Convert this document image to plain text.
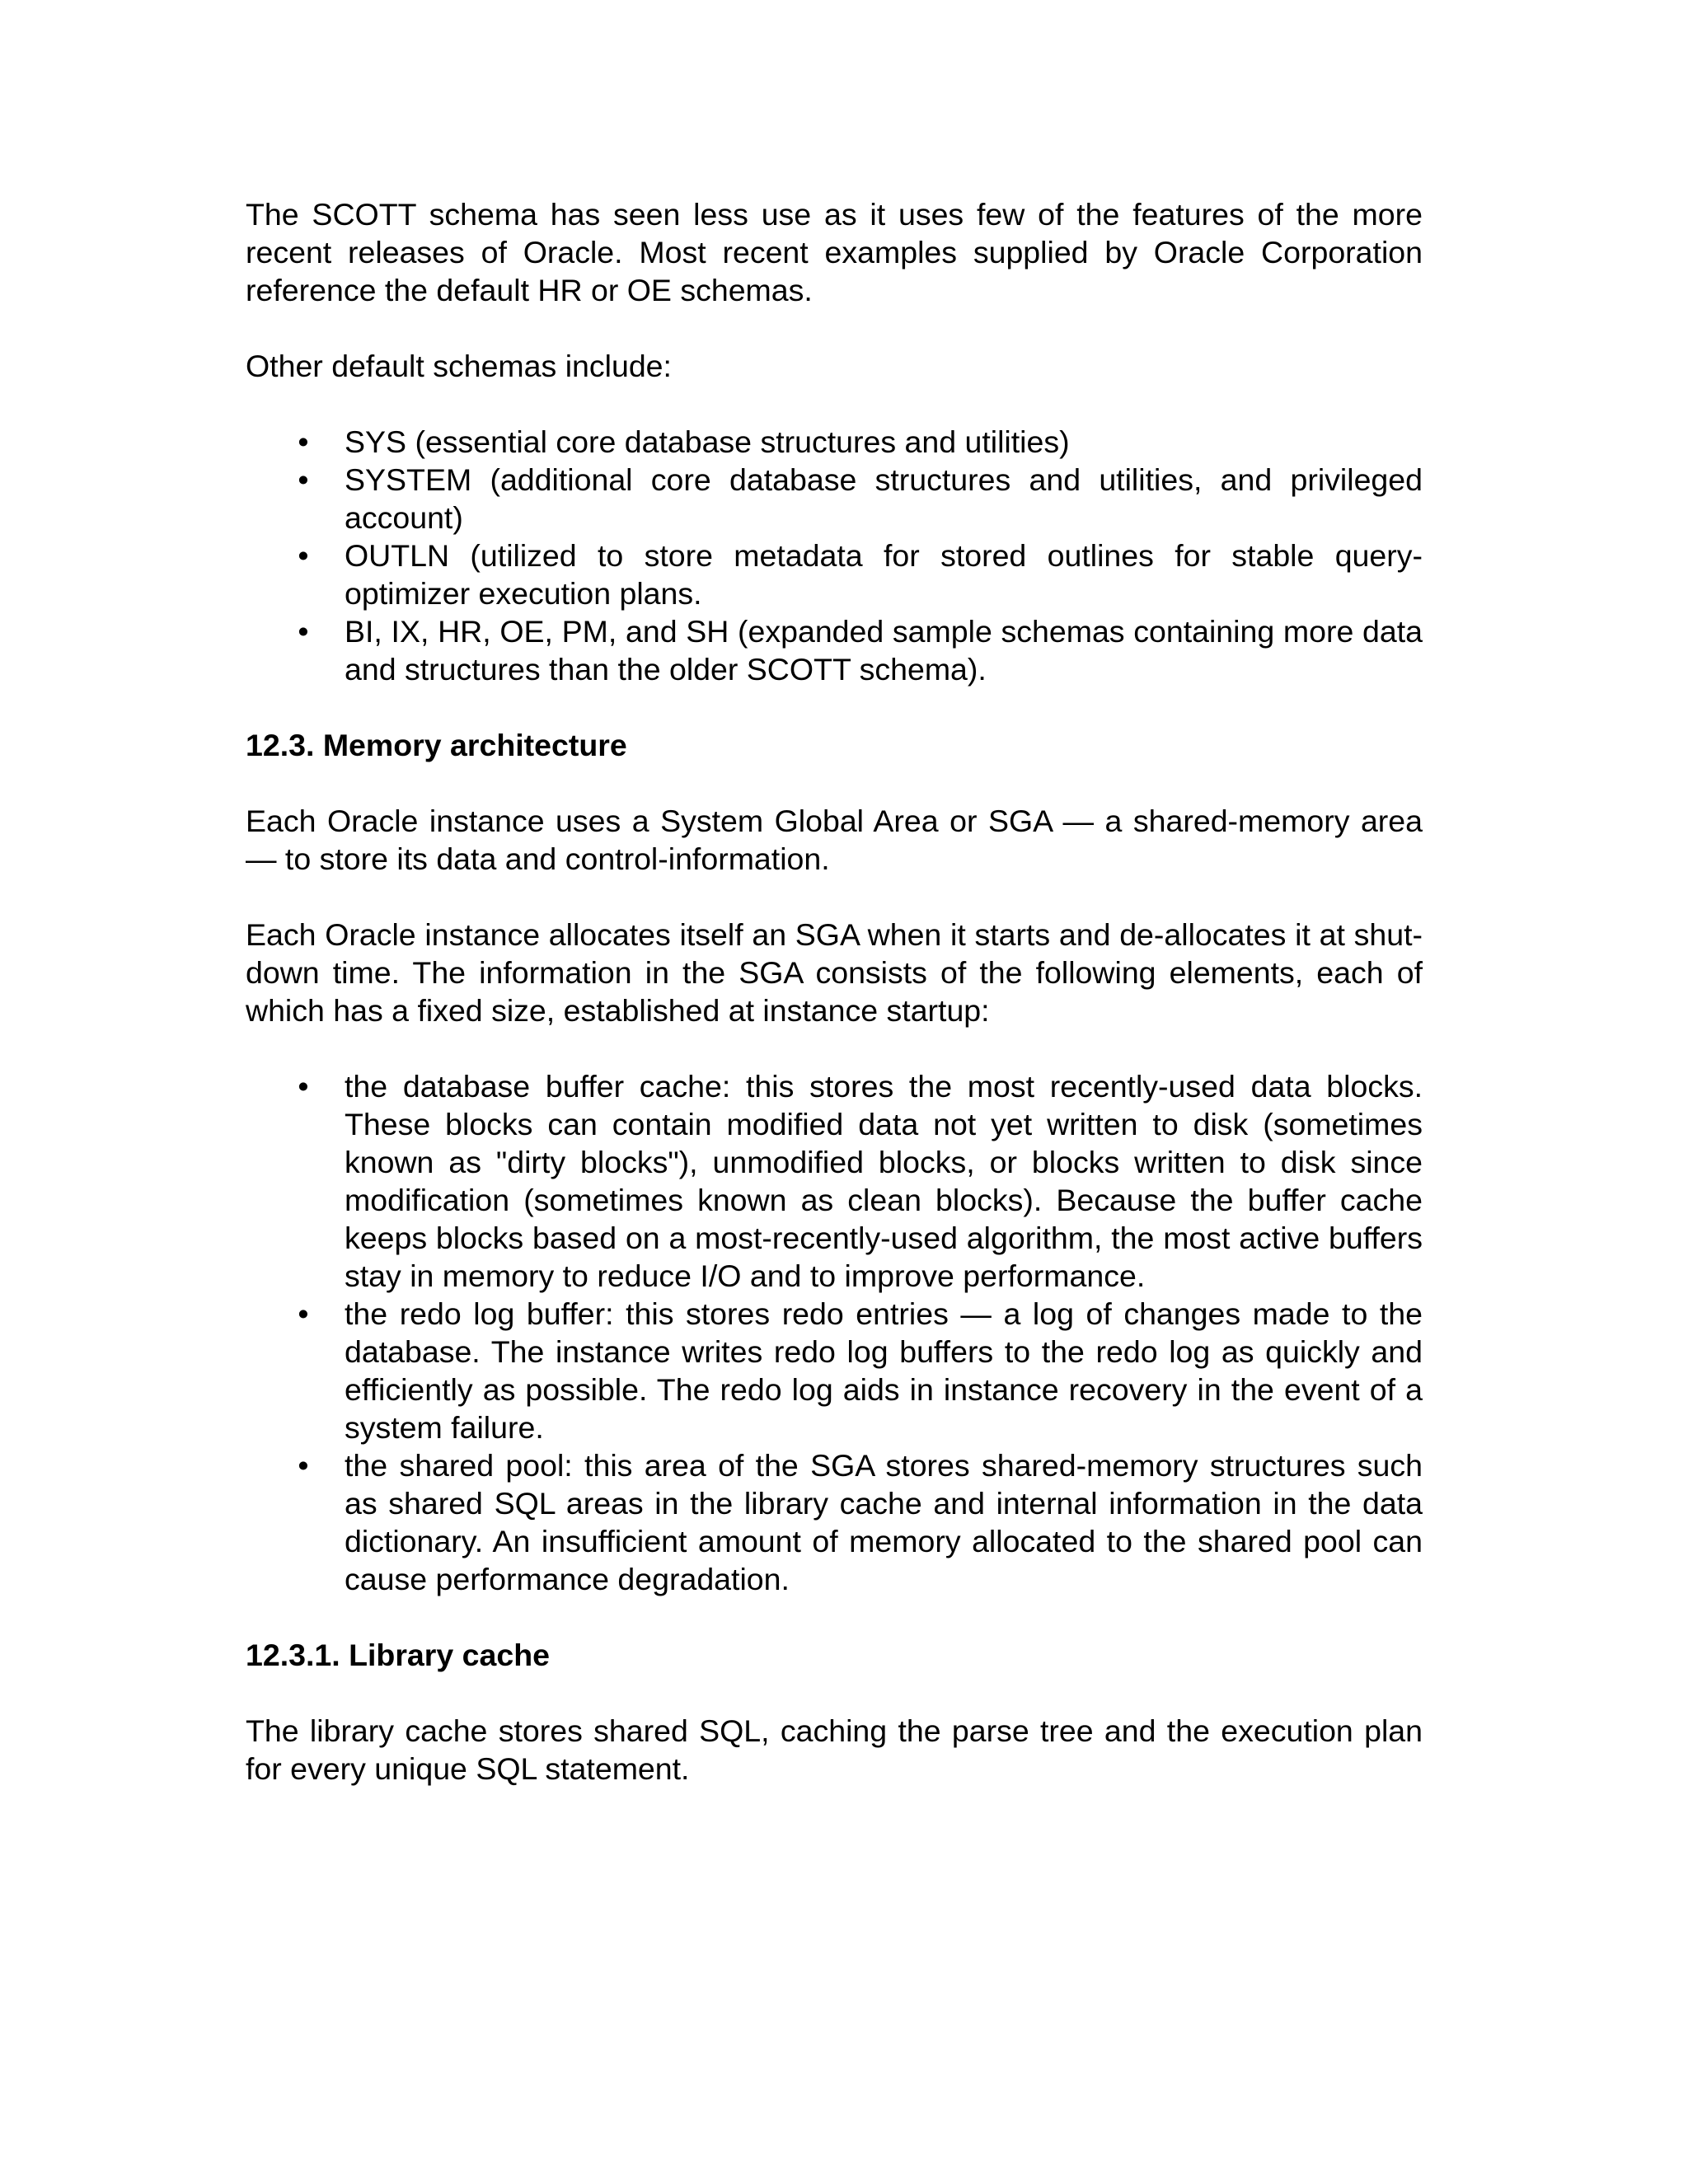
The SCOTT schema has seen less use as it uses few of the features of the more recent releases of Oracle. Most recent examples supplied by Oracle Corporation reference the default HR or OE schemas.

Other default schemas include:

• SYS (essential core database structures and utilities)
• SYSTEM (additional core database structures and utilities, and privileged account)
• OUTLN (utilized to store metadata for stored outlines for stable query-optimizer execution plans.
• BI, IX, HR, OE, PM, and SH (expanded sample schemas containing more data and structures than the older SCOTT schema).
12.3. Memory architecture

Each Oracle instance uses a System Global Area or SGA — a shared-memory area — to store its data and control-information.

Each Oracle instance allocates itself an SGA when it starts and de-allocates it at shut-down time. The information in the SGA consists of the following elements, each of which has a fixed size, established at instance startup:

• the database buffer cache: this stores the most recently-used data blocks. These blocks can contain modified data not yet written to disk (sometimes known as "dirty blocks"), unmodified blocks, or blocks written to disk since modification (sometimes known as clean blocks). Because the buffer cache keeps blocks based on a most-recently-used algorithm, the most active buffers stay in memory to reduce I/O and to improve performance.
• the redo log buffer: this stores redo entries — a log of changes made to the database. The instance writes redo log buffers to the redo log as quickly and efficiently as possible. The redo log aids in instance recovery in the event of a system failure.
• the shared pool: this area of the SGA stores shared-memory structures such as shared SQL areas in the library cache and internal information in the data dictionary. An insufficient amount of memory allocated to the shared pool can cause performance degradation.
12.3.1. Library cache

The library cache stores shared SQL, caching the parse tree and the execution plan for every unique SQL statement.
